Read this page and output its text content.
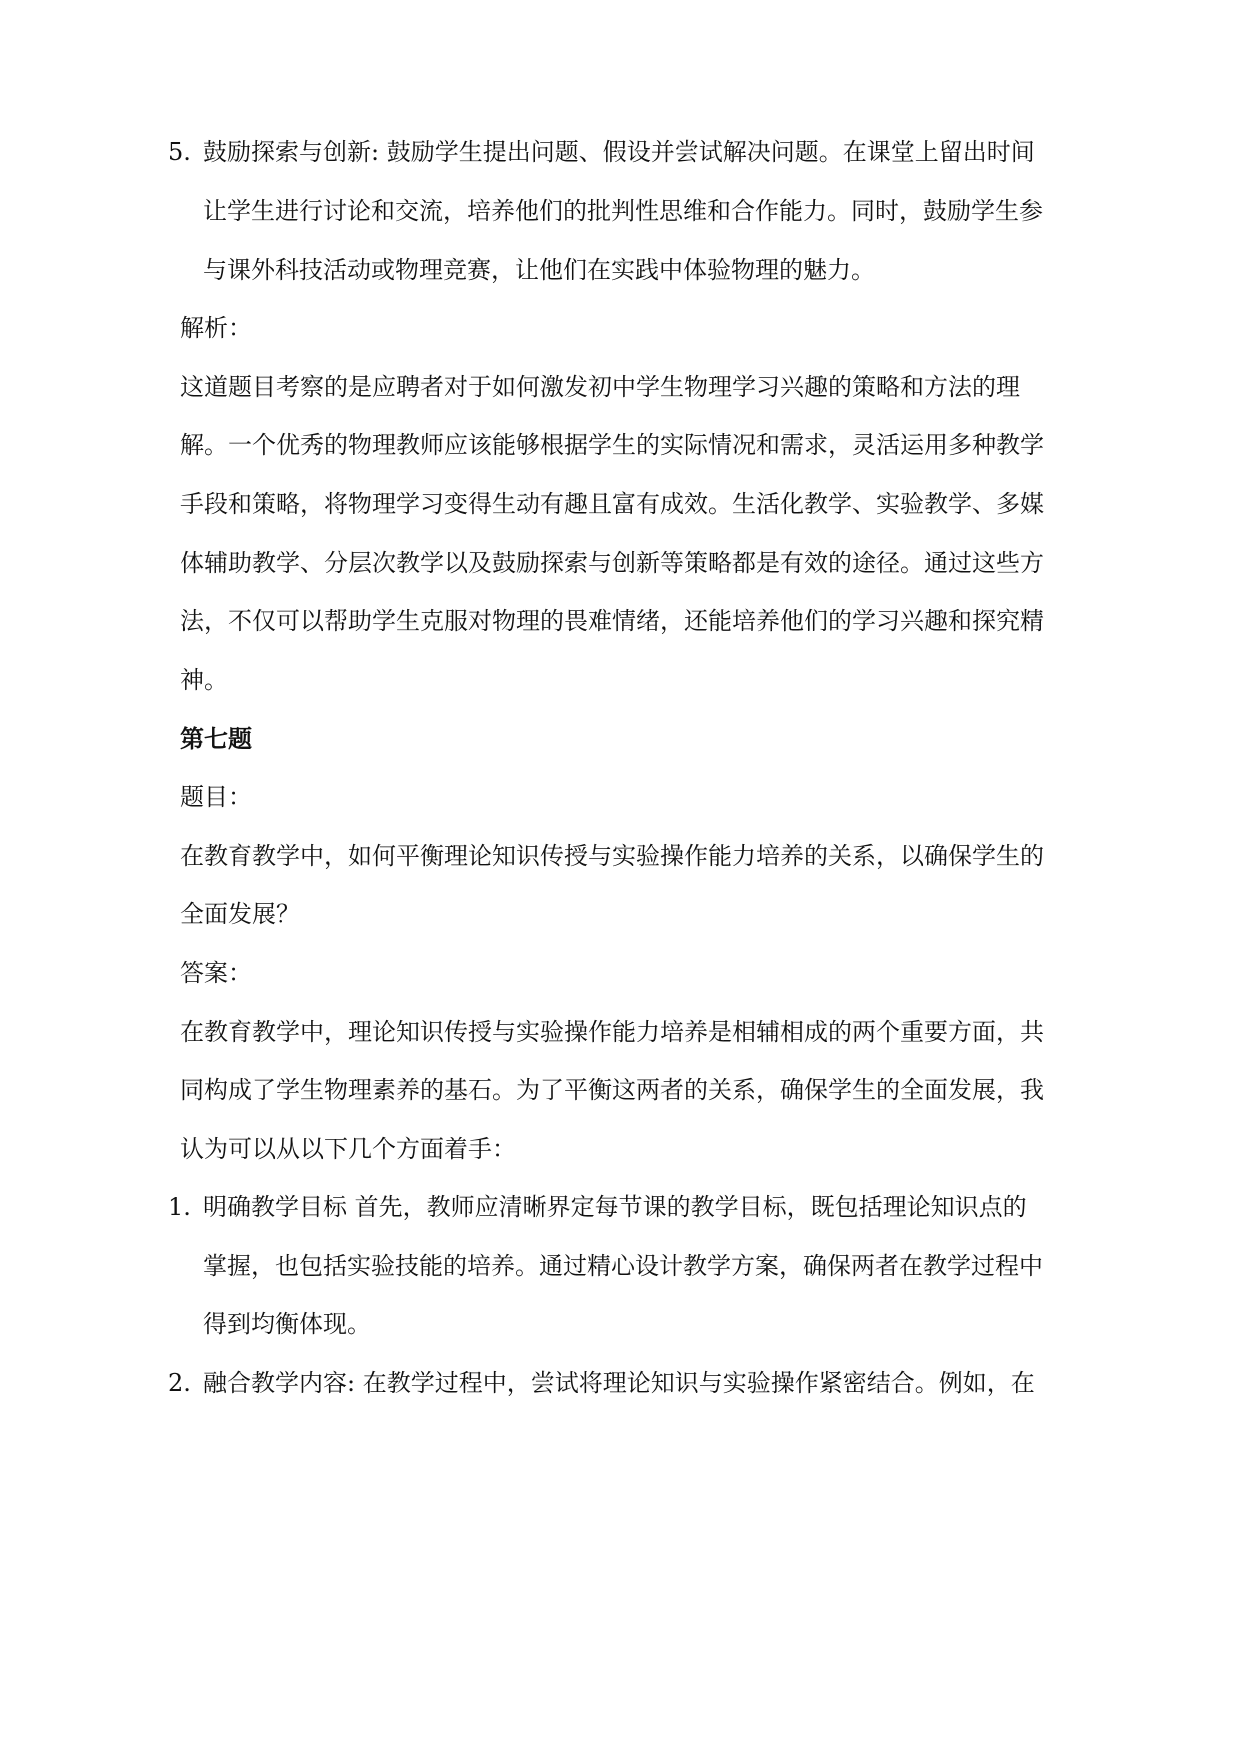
5. 鼓励探索与创新: 鼓励学生提出问题、假设并尝试解决问题。在课堂上留出时间
让学生进行讨论和交流，培养他们的批判性思维和合作能力。同时，鼓励学生参
与课外科技活动或物理竞赛，让他们在实践中体验物理的魅力。
解析：
这道题目考察的是应聘者对于如何激发初中学生物理学习兴趣的策略和方法的理
解。一个优秀的物理教师应该能够根据学生的实际情况和需求，灵活运用多种教学
手段和策略，将物理学习变得生动有趣且富有成效。生活化教学、实验教学、多媒
体辅助教学、分层次教学以及鼓励探索与创新等策略都是有效的途径。通过这些方
法，不仅可以帮助学生克服对物理的畏难情绪，还能培养他们的学习兴趣和探究精
神。
第七题
题目：
在教育教学中，如何平衡理论知识传授与实验操作能力培养的关系，以确保学生的
全面发展？
答案：
在教育教学中，理论知识传授与实验操作能力培养是相辅相成的两个重要方面，共
同构成了学生物理素养的基石。为了平衡这两者的关系，确保学生的全面发展，我
认为可以从以下几个方面着手：
1. 明确教学目标 首先，教师应清晰界定每节课的教学目标，既包括理论知识点的
掌握，也包括实验技能的培养。通过精心设计教学方案，确保两者在教学过程中
得到均衡体现。
2. 融合教学内容: 在教学过程中，尝试将理论知识与实验操作紧密结合。例如，在
